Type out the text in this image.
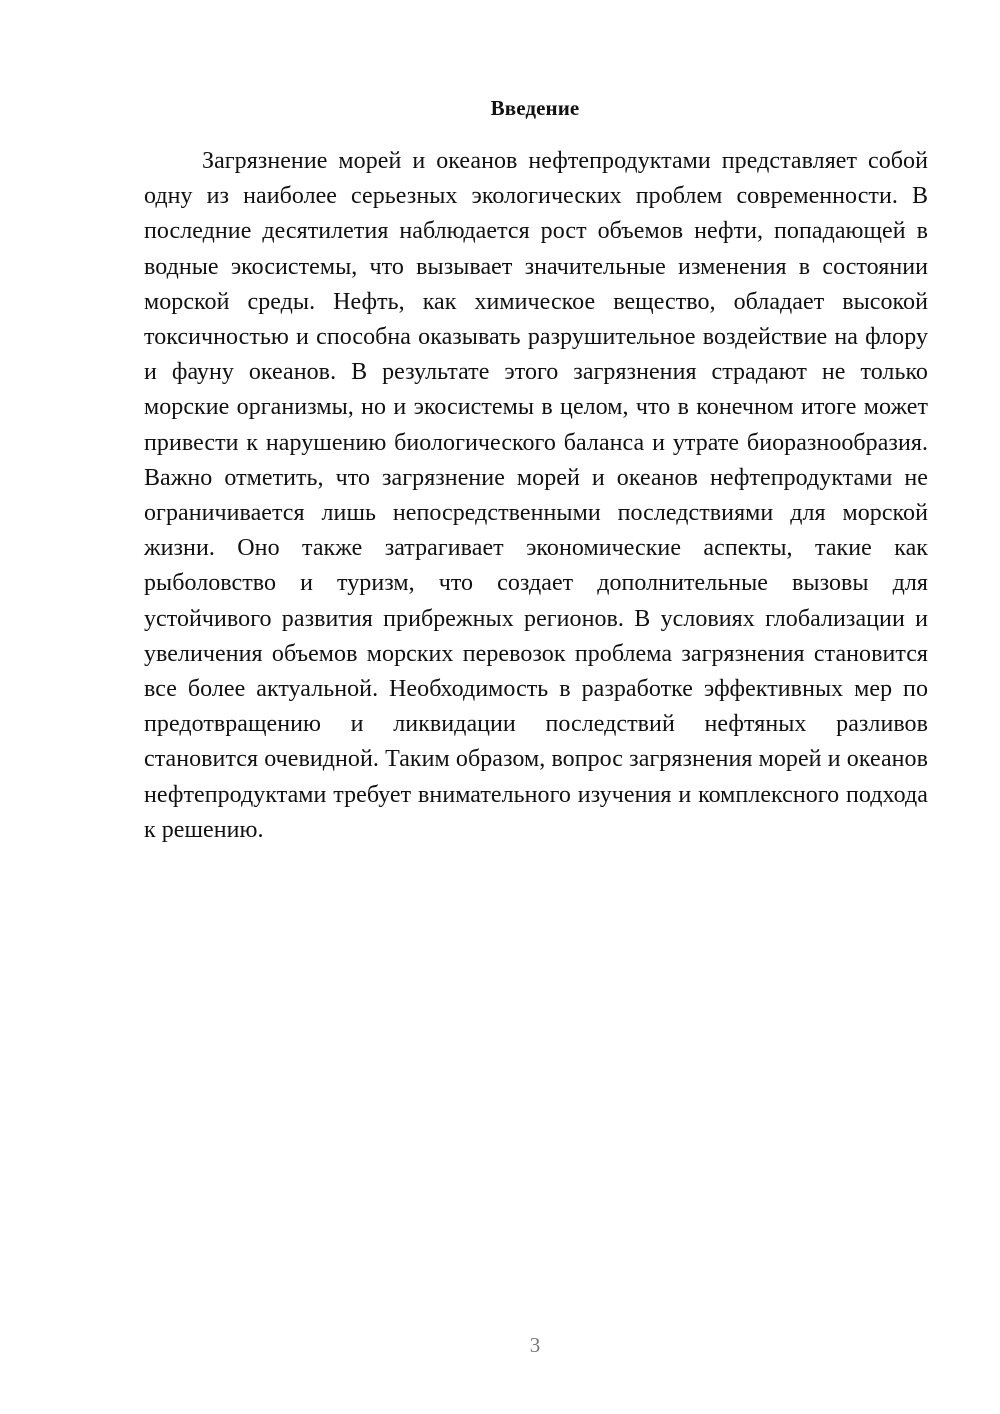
Введение

Загрязнение морей и океанов нефтепродуктами представляет собой одну из наиболее серьезных экологических проблем современности. В последние десятилетия наблюдается рост объемов нефти, попадающей в водные экосистемы, что вызывает значительные изменения в состоянии морской среды. Нефть, как химическое вещество, обладает высокой токсичностью и способна оказывать разрушительное воздействие на флору и фауну океанов. В результате этого загрязнения страдают не только морские организмы, но и экосистемы в целом, что в конечном итоге может привести к нарушению биологического баланса и утрате биоразнообразия. Важно отметить, что загрязнение морей и океанов нефтепродуктами не ограничивается лишь непосредственными последствиями для морской жизни. Оно также затрагивает экономические аспекты, такие как рыболовство и туризм, что создает дополнительные вызовы для устойчивого развития прибрежных регионов. В условиях глобализации и увеличения объемов морских перевозок проблема загрязнения становится все более актуальной. Необходимость в разработке эффективных мер по предотвращению и ликвидации последствий нефтяных разливов становится очевидной. Таким образом, вопрос загрязнения морей и океанов нефтепродуктами требует внимательного изучения и комплексного подхода к решению.

3
